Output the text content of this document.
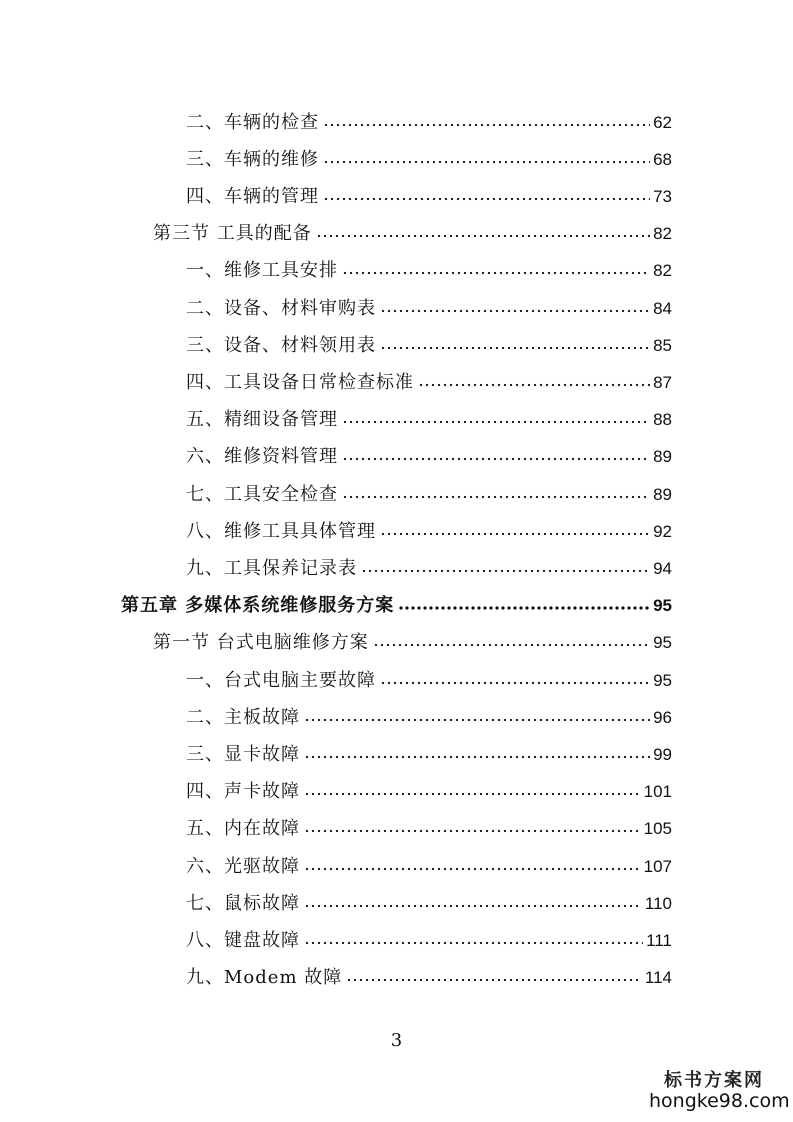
二、车辆的检查	62
三、车辆的维修	68
四、车辆的管理	73
第三节 工具的配备	82
一、维修工具安排	82
二、设备、材料审购表	84
三、设备、材料领用表	85
四、工具设备日常检查标准	87
五、精细设备管理	88
六、维修资料管理	89
七、工具安全检查	89
八、维修工具具体管理	92
九、工具保养记录表	94
第五章 多媒体系统维修服务方案	95
第一节 台式电脑维修方案	95
一、台式电脑主要故障	95
二、主板故障	96
三、显卡故障	99
四、声卡故障	101
五、内在故障	105
六、光驱故障	107
七、鼠标故障	110
八、键盘故障	111
九、Modem 故障	114
3
标书方案网
hongke98.com
